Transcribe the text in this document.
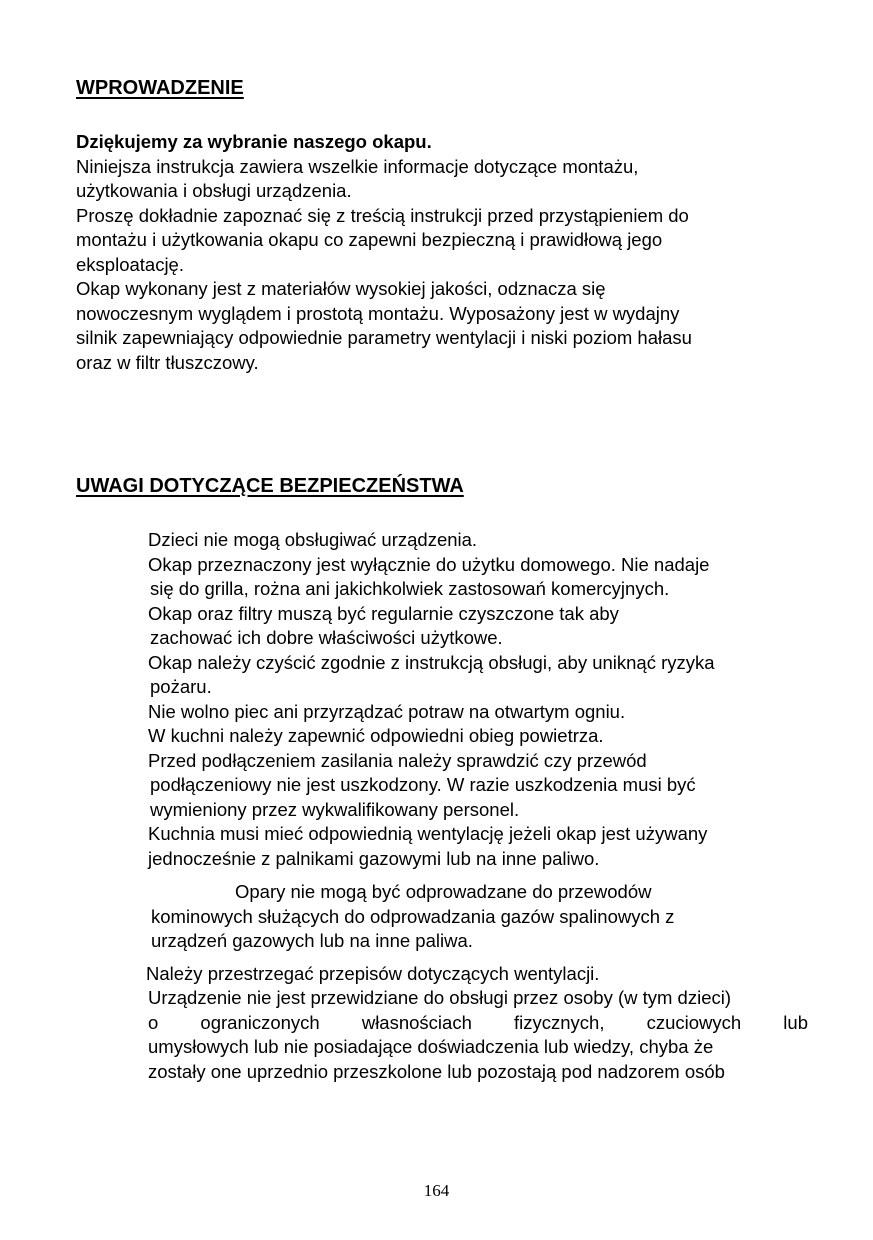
WPROWADZENIE

Dziękujemy za wybranie naszego okapu.

Niniejsza instrukcja zawiera wszelkie informacje dotyczące montażu,

użytkowania i obsługi urządzenia.

Proszę dokładnie zapoznać się z treścią instrukcji przed przystąpieniem do

montażu i użytkowania okapu co zapewni bezpieczną i prawidłową jego

eksploatację.

Okap wykonany jest z materiałów wysokiej jakości, odznacza się

nowoczesnym wyglądem i prostotą montażu. Wyposażony jest w wydajny

silnik zapewniający odpowiednie parametry wentylacji i niski poziom hałasu

oraz w filtr tłuszczowy.

UWAGI DOTYCZĄCE BEZPIECZEŃSTWA

Dzieci nie mogą obsługiwać urządzenia.

Okap przeznaczony jest wyłącznie do użytku domowego. Nie nadaje

się do grilla, rożna ani jakichkolwiek zastosowań komercyjnych.

Okap oraz filtry muszą być regularnie czyszczone tak aby

zachować ich dobre właściwości użytkowe.

Okap należy czyścić zgodnie z instrukcją obsługi, aby uniknąć ryzyka

pożaru.

Nie wolno piec ani przyrządzać potraw na otwartym ogniu.

W kuchni należy zapewnić odpowiedni obieg powietrza.

Przed podłączeniem zasilania należy sprawdzić czy przewód

podłączeniowy nie jest uszkodzony. W razie uszkodzenia musi być

wymieniony przez wykwalifikowany personel.

Kuchnia musi mieć odpowiednią wentylację jeżeli okap jest używany

jednocześnie z palnikami gazowymi lub na inne paliwo.

Opary nie mogą być odprowadzane do przewodów

kominowych służących do odprowadzania gazów spalinowych z

urządzeń gazowych lub na inne paliwa.

Należy przestrzegać przepisów dotyczących wentylacji.

Urządzenie nie jest przewidziane do obsługi przez osoby (w tym dzieci)

o ograniczonych własnościach fizycznych, czuciowych lub

umysłowych lub nie posiadające doświadczenia lub wiedzy, chyba że

zostały one uprzednio przeszkolone lub pozostają pod nadzorem osób

164
